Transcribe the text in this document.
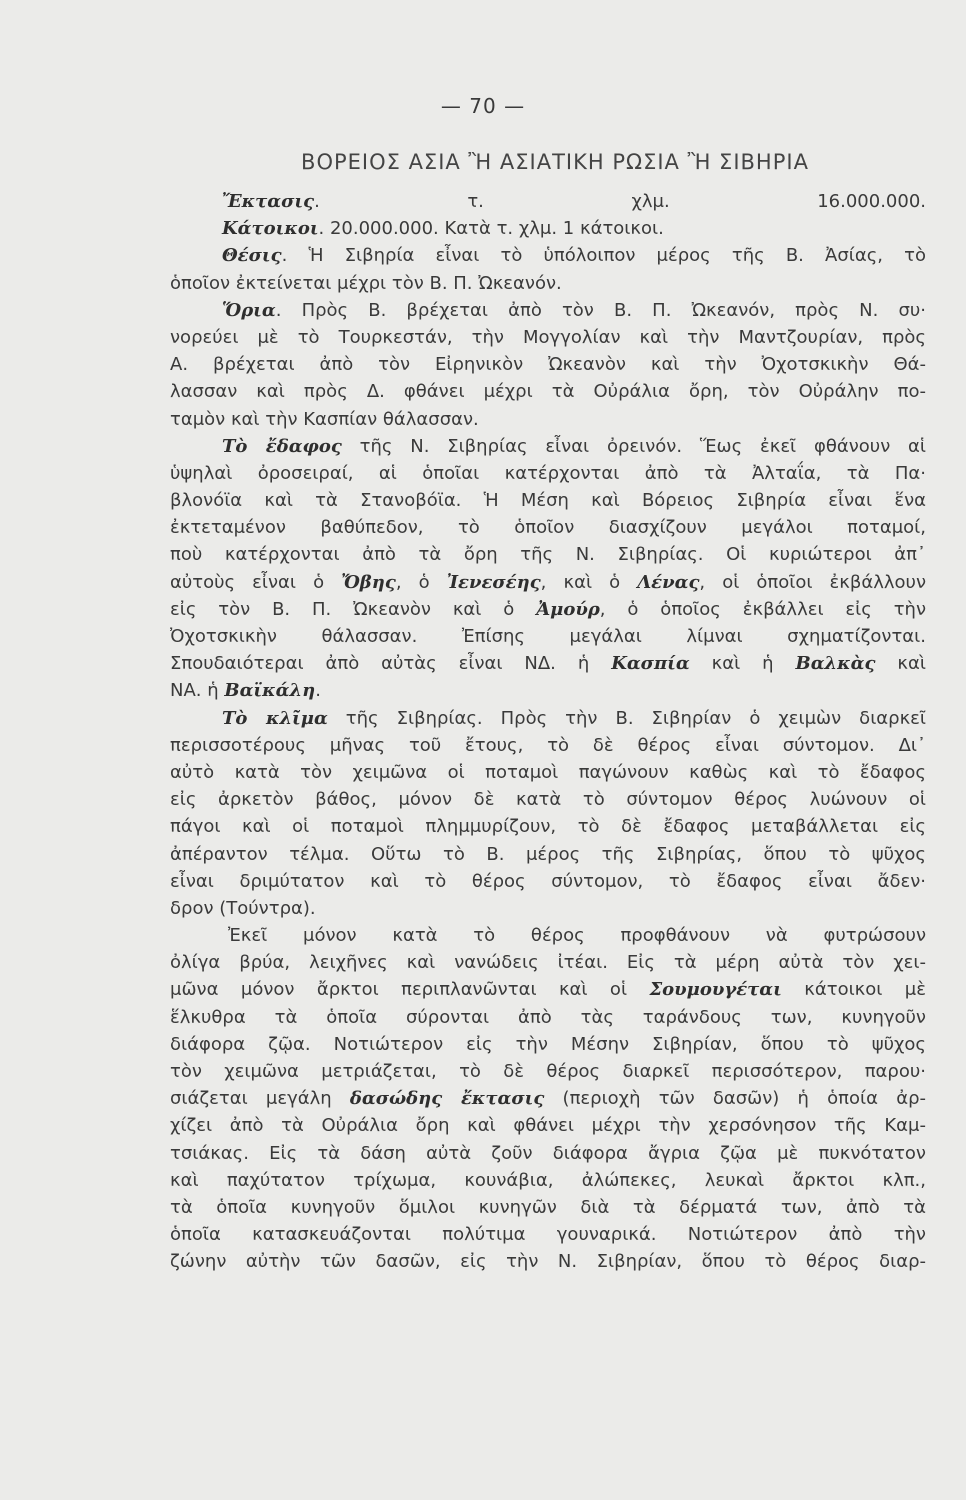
— 70 —
ΒΟΡΕΙΟΣ ΑΣΙΑ Ἢ ΑΣΙΑΤΙΚΗ ΡΩΣΙΑ Ἢ ΣΙΒΗΡΙΑ
Ἔκτασις. τ. χλμ. 16.000.000.
Κάτοικοι. 20.000.000. Κατὰ τ. χλμ. 1 κάτοικοι.
Θέσις. Ἡ Σιβηρία εἶναι τὸ ὑπόλοιπον μέρος τῆς Β. Ἀσίας, τὸ
ὁποῖον ἐκτείνεται μέχρι τὸν Β. Π. Ὠκεανόν.
Ὅρια. Πρὸς Β. βρέχεται ἀπὸ τὸν Β. Π. Ὠκεανόν, πρὸς Ν. συ·
νορεύει μὲ τὸ Τουρκεστάν, τὴν Μογγολίαν καὶ τὴν Μαντζουρίαν, πρὸς
Α. βρέχεται ἀπὸ τὸν Εἰρηνικὸν Ὠκεανὸν καὶ τὴν Ὀχοτσκικὴν Θά-
λασσαν καὶ πρὸς Δ. φθάνει μέχρι τὰ Οὐράλια ὄρη, τὸν Οὐράλην πο-
ταμὸν καὶ τὴν Κασπίαν θάλασσαν.
Τὸ ἔδαφος τῆς Ν. Σιβηρίας εἶναι ὀρεινόν. Ἕως ἐκεῖ φθάνουν αἱ
ὑψηλαὶ ὀροσειραί, αἱ ὁποῖαι κατέρχονται ἀπὸ τὰ Ἀλταΐα, τὰ Πα·
βλονόϊα καὶ τὰ Στανοβόϊα. Ἡ Μέση καὶ Βόρειος Σιβηρία εἶναι ἕνα
ἐκτεταμένον βαθύπεδον, τὸ ὁποῖον διασχίζουν μεγάλοι ποταμοί,
ποὺ κατέρχονται ἀπὸ τὰ ὄρη τῆς Ν. Σιβηρίας. Οἱ κυριώτεροι ἀπ᾽
αὐτοὺς εἶναι ὁ Ὄβης, ὁ Ἰενεσέης, καὶ ὁ Λένας, οἱ ὁποῖοι ἐκβάλλουν
εἰς τὸν Β. Π. Ὠκεανὸν καὶ ὁ Ἀμούρ, ὁ ὁποῖος ἐκβάλλει εἰς τὴν
Ὀχοτσκικὴν θάλασσαν. Ἐπίσης μεγάλαι λίμναι σχηματίζονται.
Σπουδαιότεραι ἀπὸ αὐτὰς εἶναι ΝΔ. ἡ Κασπία καὶ ἡ Βαλκὰς καὶ
ΝΑ. ἡ Βαϊκάλη.
Τὸ κλῖμα τῆς Σιβηρίας. Πρὸς τὴν Β. Σιβηρίαν ὁ χειμὼν διαρκεῖ
περισσοτέρους μῆνας τοῦ ἔτους, τὸ δὲ θέρος εἶναι σύντομον. Δι᾽
αὐτὸ κατὰ τὸν χειμῶνα οἱ ποταμοὶ παγώνουν καθὼς καὶ τὸ ἔδαφος
εἰς ἀρκετὸν βάθος, μόνον δὲ κατὰ τὸ σύντομον θέρος λυώνουν οἱ
πάγοι καὶ οἱ ποταμοὶ πλημμυρίζουν, τὸ δὲ ἔδαφος μεταβάλλεται εἰς
ἀπέραντον τέλμα. Οὕτω τὸ Β. μέρος τῆς Σιβηρίας, ὅπου τὸ ψῦχος
εἶναι δριμύτατον καὶ τὸ θέρος σύντομον, τὸ ἔδαφος εἶναι ἄδεν·
δρον (Τούντρα).
Ἐκεῖ μόνον κατὰ τὸ θέρος προφθάνουν νὰ φυτρώσουν
ὀλίγα βρύα, λειχῆνες καὶ νανώδεις ἰτέαι. Εἰς τὰ μέρη αὐτὰ τὸν χει-
μῶνα μόνον ἄρκτοι περιπλανῶνται καὶ οἱ Σουμουγέται κάτοικοι μὲ
ἕλκυθρα τὰ ὁποῖα σύρονται ἀπὸ τὰς ταράνδους των, κυνηγοῦν
διάφορα ζῷα. Νοτιώτερον εἰς τὴν Μέσην Σιβηρίαν, ὅπου τὸ ψῦχος
τὸν χειμῶνα μετριάζεται, τὸ δὲ θέρος διαρκεῖ περισσότερον, παρου·
σιάζεται μεγάλη δασώδης ἔκτασις (περιοχὴ τῶν δασῶν) ἡ ὁποία ἀρ-
χίζει ἀπὸ τὰ Οὐράλια ὄρη καὶ φθάνει μέχρι τὴν χερσόνησον τῆς Καμ-
τσιάκας. Εἰς τὰ δάση αὐτὰ ζοῦν διάφορα ἄγρια ζῷα μὲ πυκνότατον
καὶ παχύτατον τρίχωμα, κουνάβια, ἀλώπεκες, λευκαὶ ἄρκτοι κλπ.,
τὰ ὁποῖα κυνηγοῦν ὅμιλοι κυνηγῶν διὰ τὰ δέρματά των, ἀπὸ τὰ
ὁποῖα κατασκευάζονται πολύτιμα γουναρικά. Νοτιώτερον ἀπὸ τὴν
ζώνην αὐτὴν τῶν δασῶν, εἰς τὴν Ν. Σιβηρίαν, ὅπου τὸ θέρος διαρ-
